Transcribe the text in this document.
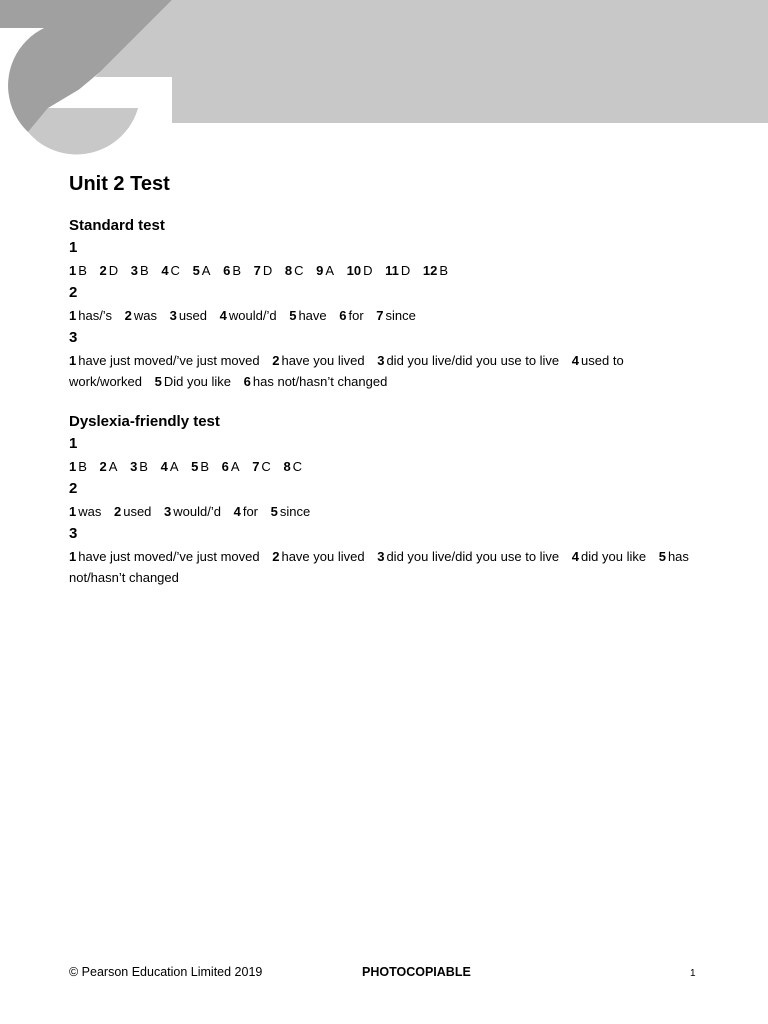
Unit 2 Test
Standard test
1
1 B 2 D 3 B 4 C 5 A 6 B 7 D 8 C 9 A 10 D 11 D 12 B
2
1 has/’s 2 was 3 used 4 would/’d 5 have 6 for 7 since
3
1 have just moved/’ve just moved 2 have you lived 3 did you live/did you use to live 4 used to work/worked 5 Did you like 6 has not/hasn’t changed
Dyslexia-friendly test
1
1 B 2 A 3 B 4 A 5 B 6 A 7 C 8 C
2
1 was 2 used 3 would/’d 4 for 5 since
3
1 have just moved/’ve just moved 2 have you lived 3 did you live/did you use to live 4 did you like 5 has not/hasn’t changed
© Pearson Education Limited 2019	PHOTOCOPIABLE	1
